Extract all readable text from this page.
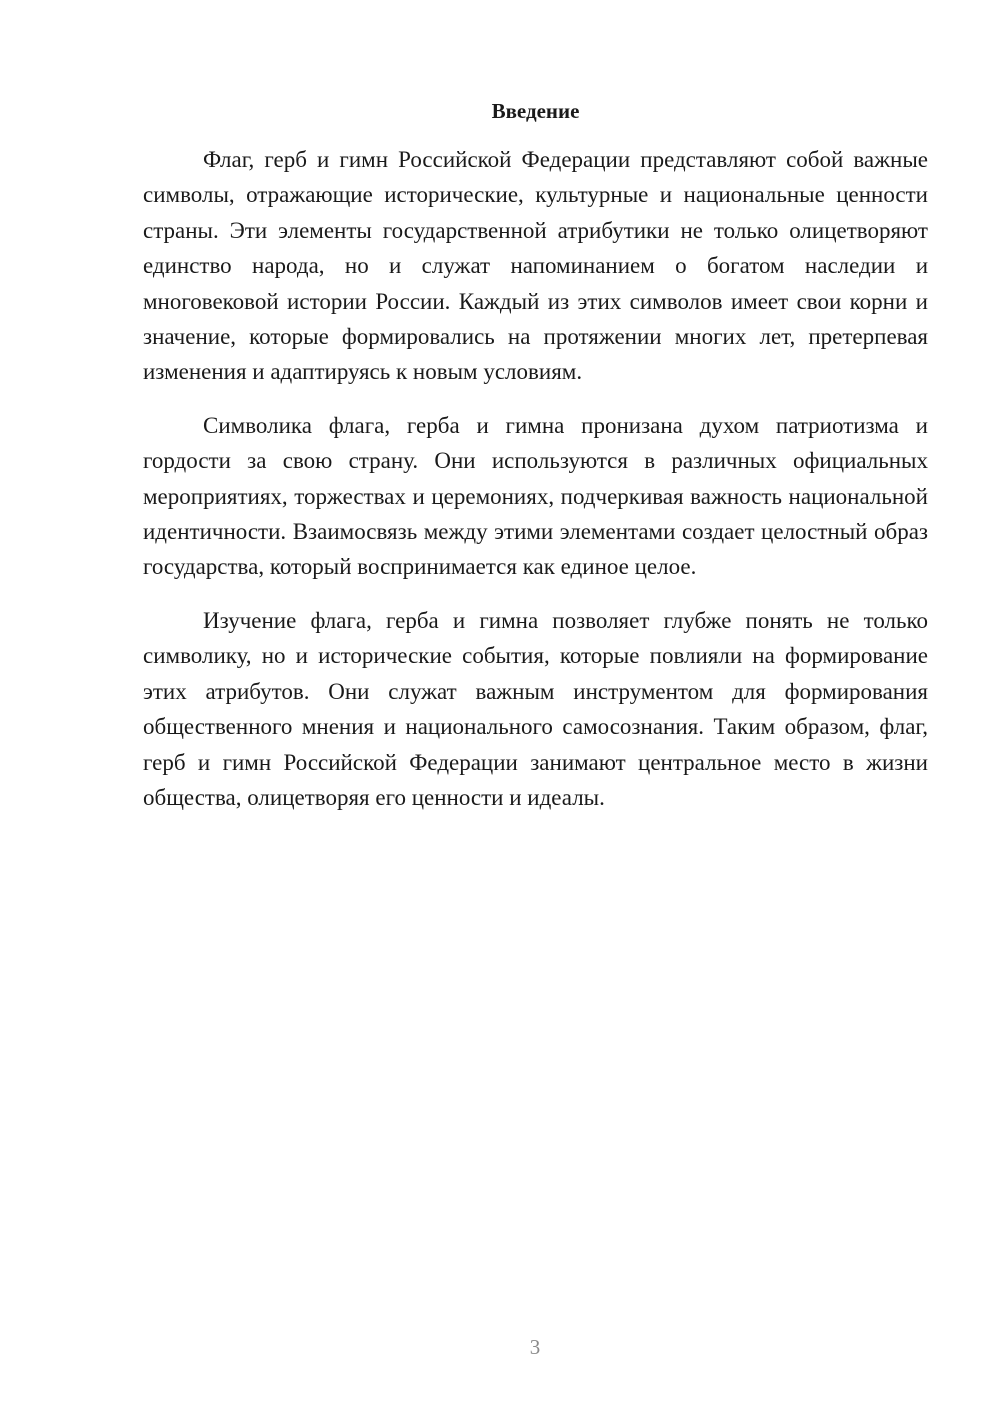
Введение

Флаг, герб и гимн Российской Федерации представляют собой важные символы, отражающие исторические, культурные и национальные ценности страны. Эти элементы государственной атрибутики не только олицетворяют единство народа, но и служат напоминанием о богатом наследии и многовековой истории России. Каждый из этих символов имеет свои корни и значение, которые формировались на протяжении многих лет, претерпевая изменения и адаптируясь к новым условиям.

Символика флага, герба и гимна пронизана духом патриотизма и гордости за свою страну. Они используются в различных официальных мероприятиях, торжествах и церемониях, подчеркивая важность национальной идентичности. Взаимосвязь между этими элементами создает целостный образ государства, который воспринимается как единое целое.

Изучение флага, герба и гимна позволяет глубже понять не только символику, но и исторические события, которые повлияли на формирование этих атрибутов. Они служат важным инструментом для формирования общественного мнения и национального самосознания. Таким образом, флаг, герб и гимн Российской Федерации занимают центральное место в жизни общества, олицетворяя его ценности и идеалы.

3
